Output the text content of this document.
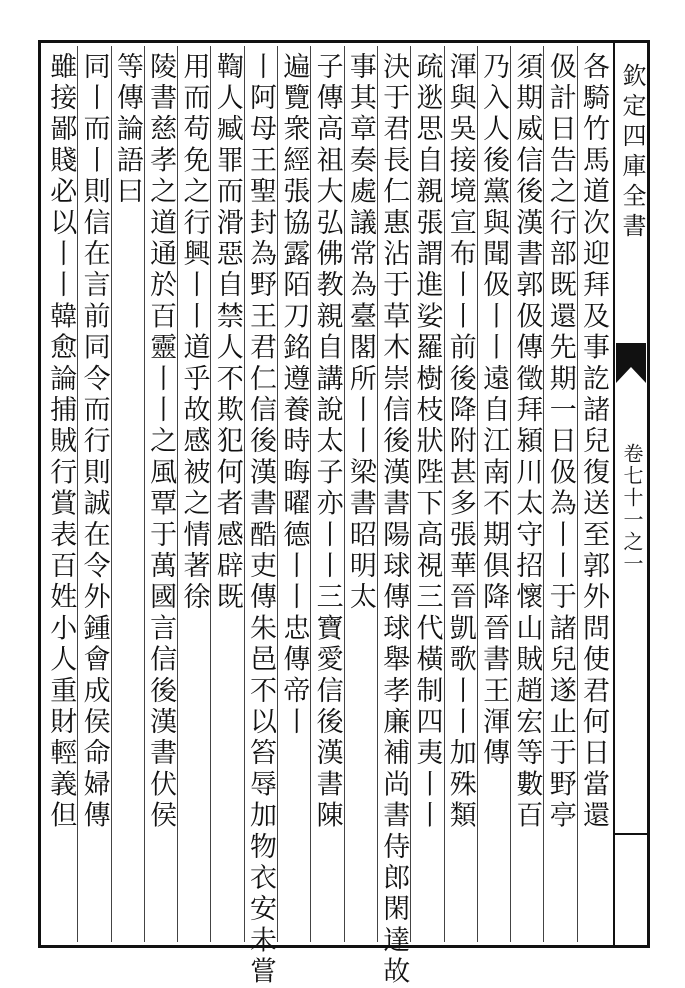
欽定四庫全書
卷七十一之一
各騎竹馬道次迎拜及事訖諸兒復送至郭外問使君何日當還
伋計日告之行部既還先期一日伋為丨丨于諸兒遂止于野亭
須期威信後漢書郭伋傳徵拜潁川太守招懷山賊趙宏等數百
乃入人後黨與聞伋丨丨遠自江南不期俱降晉書王渾傳
渾與吳接境宣布丨丨前後降附甚多張華晉凱歌丨丨加殊類
疏逖思自親張謂進娑羅樹枝狀陛下高視三代橫制四夷丨丨
決于君長仁惠沾于草木崇信後漢書陽球傳球舉孝廉補尚書侍郎閑達故
事其章奏處議常為臺閣所丨丨梁書昭明太
子傳高祖大弘佛教親自講說太子亦丨丨三寶愛信後漢書陳
遍覽衆經張協露陌刀銘遵養時晦曜德丨丨忠傳帝丨
丨阿母王聖封為野王君仁信後漢書酷吏傳朱邑不以笞辱加物衣安未嘗
鞫人臧罪而滑惡自禁人不欺犯何者感辟既
用而苟免之行興丨丨道乎故感被之情著徐
陵書慈孝之道通於百靈丨丨之風覃于萬國言信後漢書伏侯
等傳論語曰
同丨而丨則信在言前同令而行則誠在令外鍾會成侯命婦傳
雖接鄙賤必以丨丨韓愈論捕賊行賞表百姓小人重財輕義但
